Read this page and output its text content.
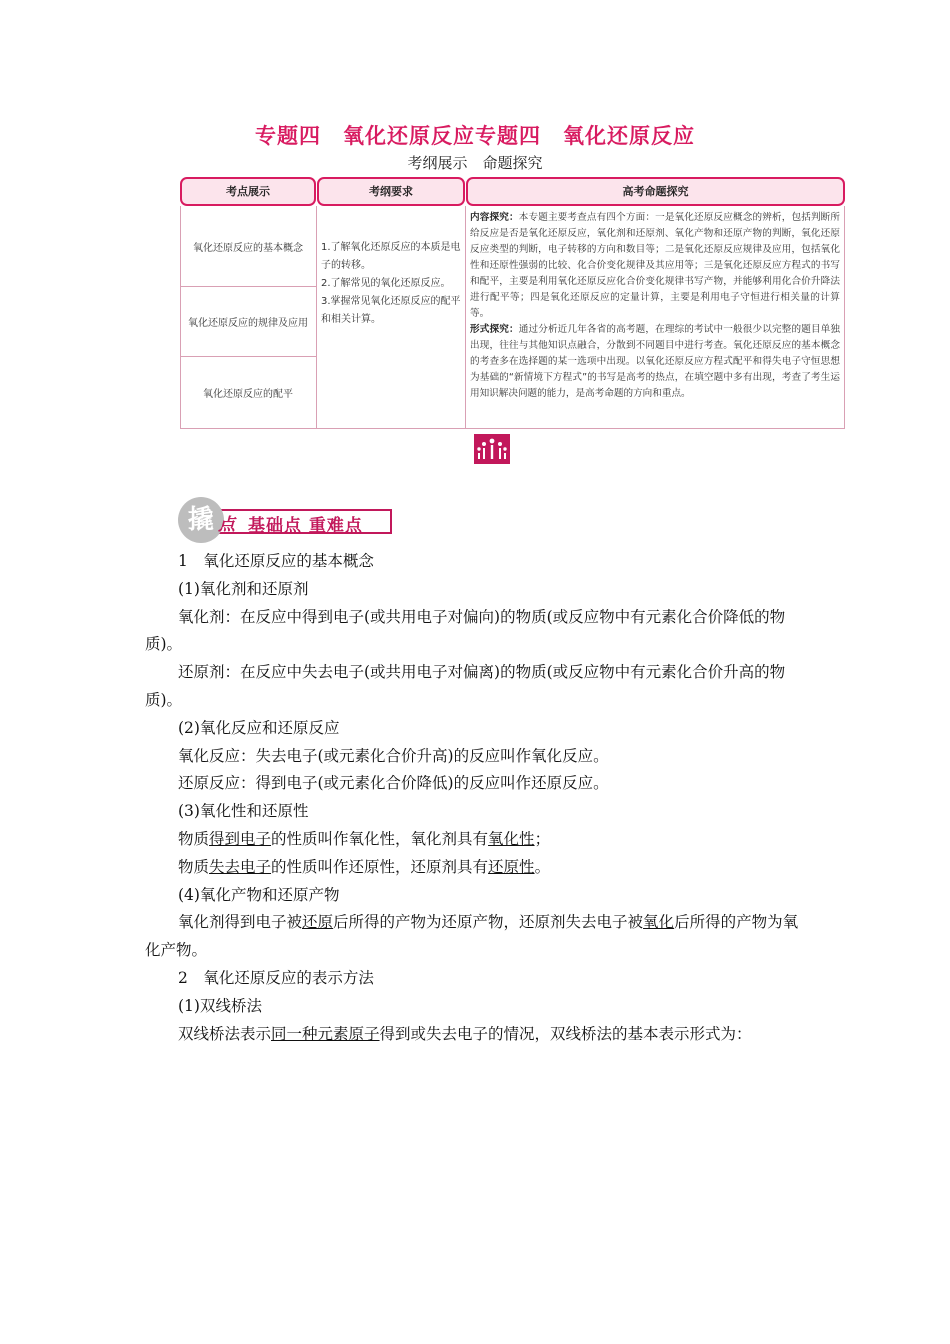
专题四　氧化还原反应专题四　氧化还原反应
考纲展示　命题探究
考点展示	考纲要求	高考命题探究
氧化还原反应的基本概念
氧化还原反应的规律及应用
氧化还原反应的配平
1.了解氧化还原反应的本质是电子的转移。
2.了解常见的氧化还原反应。
3.掌握常见氧化还原反应的配平和相关计算。
内容探究：本专题主要考查点有四个方面：一是氧化还原反应概念的辨析，包括判断所给反应是否是氧化还原反应，氧化剂和还原剂、氧化产物和还原产物的判断，氧化还原反应类型的判断，电子转移的方向和数目等；二是氧化还原反应规律及应用，包括氧化性和还原性强弱的比较、化合价变化规律及其应用等；三是氧化还原反应方程式的书写和配平，主要是利用氧化还原反应化合价变化规律书写产物，并能够利用化合价升降法进行配平等；四是氧化还原反应的定量计算，主要是利用电子守恒进行相关量的计算等。
形式探究：通过分析近几年各省的高考题，在理综的考试中一般很少以完整的题目单独出现，往往与其他知识点融合，分散到不同题目中进行考查。氧化还原反应的基本概念的考查多在选择题的某一选项中出现。以氧化还原反应方程式配平和得失电子守恒思想为基础的“新情境下方程式”的书写是高考的热点，在填空题中多有出现，考查了考生运用知识解决问题的能力，是高考命题的方向和重点。
撬 点 基础点 重难点

1　氧化还原反应的基本概念

(1)氧化剂和还原剂

氧化剂：在反应中得到电子(或共用电子对偏向)的物质(或反应物中有元素化合价降低的物质)。

还原剂：在反应中失去电子(或共用电子对偏离)的物质(或反应物中有元素化合价升高的物质)。

(2)氧化反应和还原反应

氧化反应：失去电子(或元素化合价升高)的反应叫作氧化反应。

还原反应：得到电子(或元素化合价降低)的反应叫作还原反应。

(3)氧化性和还原性

物质得到电子的性质叫作氧化性，氧化剂具有氧化性；

物质失去电子的性质叫作还原性，还原剂具有还原性。

(4)氧化产物和还原产物

氧化剂得到电子被还原后所得的产物为还原产物，还原剂失去电子被氧化后所得的产物为氧化产物。

2　氧化还原反应的表示方法

(1)双线桥法

双线桥法表示同一种元素原子得到或失去电子的情况，双线桥法的基本表示形式为：
